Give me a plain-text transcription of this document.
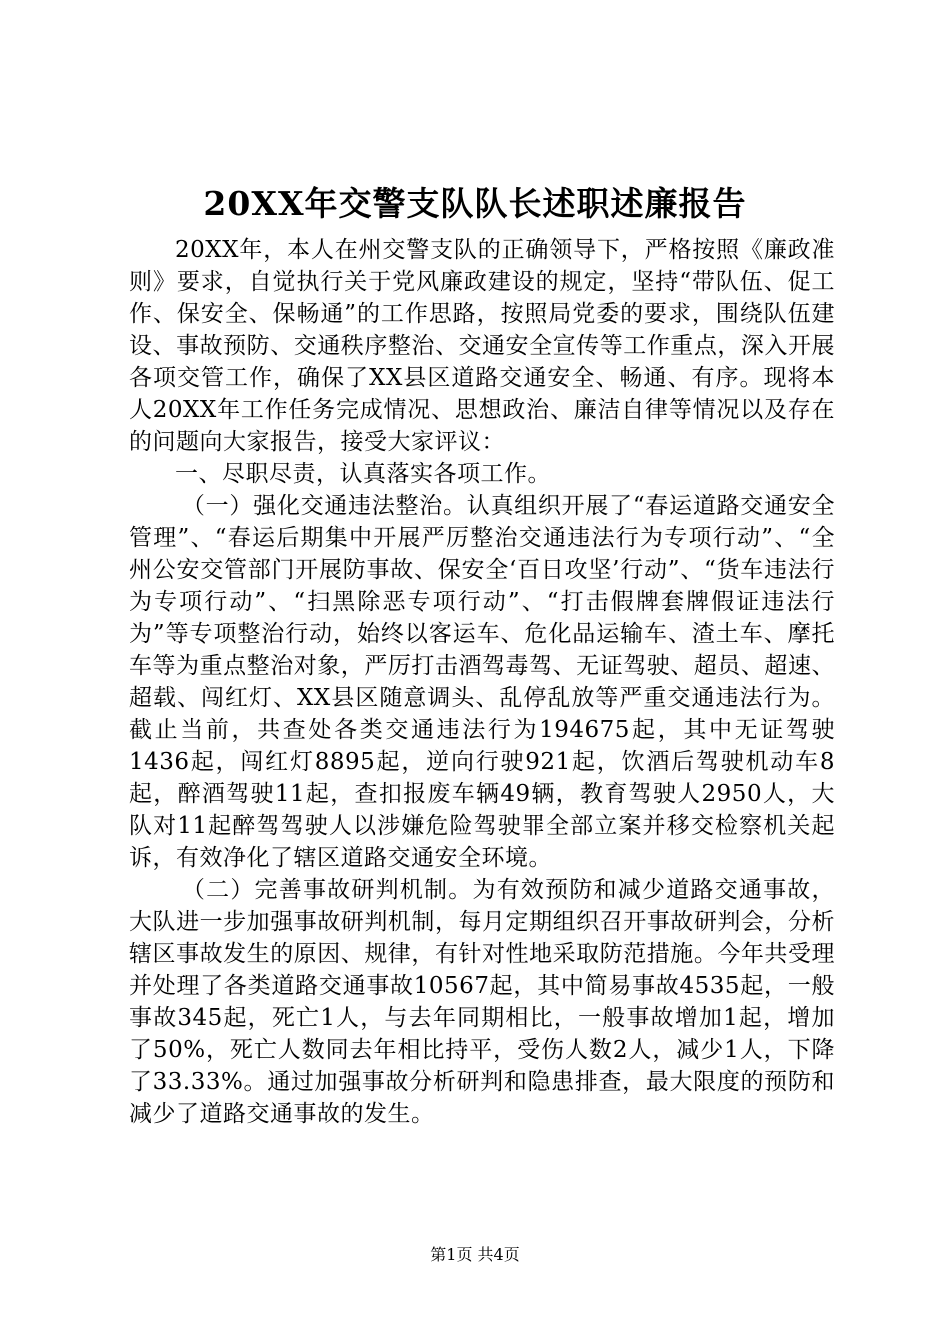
20XX年交警支队队长述职述廉报告

20XX年，本人在州交警支队的正确领导下，严格按照《廉政准则》要求，自觉执行关于党风廉政建设的规定，坚持“带队伍、促工作、保安全、保畅通”的工作思路，按照局党委的要求，围绕队伍建设、事故预防、交通秩序整治、交通安全宣传等工作重点，深入开展各项交管工作，确保了XX县区道路交通安全、畅通、有序。现将本人20XX年工作任务完成情况、思想政治、廉洁自律等情况以及存在的问题向大家报告，接受大家评议：

一、尽职尽责，认真落实各项工作。

（一）强化交通违法整治。认真组织开展了“春运道路交通安全管理”、“春运后期集中开展严厉整治交通违法行为专项行动”、“全州公安交管部门开展防事故、保安全‘百日攻坚’行动”、“货车违法行为专项行动”、“扫黑除恶专项行动”、“打击假牌套牌假证违法行为”等专项整治行动，始终以客运车、危化品运输车、渣土车、摩托车等为重点整治对象，严厉打击酒驾毒驾、无证驾驶、超员、超速、超载、闯红灯、XX县区随意调头、乱停乱放等严重交通违法行为。截止当前，共查处各类交通违法行为194675起，其中无证驾驶1436起，闯红灯8895起，逆向行驶921起，饮酒后驾驶机动车8起，醉酒驾驶11起，查扣报废车辆49辆，教育驾驶人2950人，大队对11起醉驾驾驶人以涉嫌危险驾驶罪全部立案并移交检察机关起诉，有效净化了辖区道路交通安全环境。

（二）完善事故研判机制。为有效预防和减少道路交通事故，大队进一步加强事故研判机制，每月定期组织召开事故研判会，分析辖区事故发生的原因、规律，有针对性地采取防范措施。今年共受理并处理了各类道路交通事故10567起，其中简易事故4535起，一般事故345起，死亡1人，与去年同期相比，一般事故增加1起，增加了50%，死亡人数同去年相比持平，受伤人数2人，减少1人，下降了33.33%。通过加强事故分析研判和隐患排查，最大限度的预防和减少了道路交通事故的发生。

第1页 共4页
